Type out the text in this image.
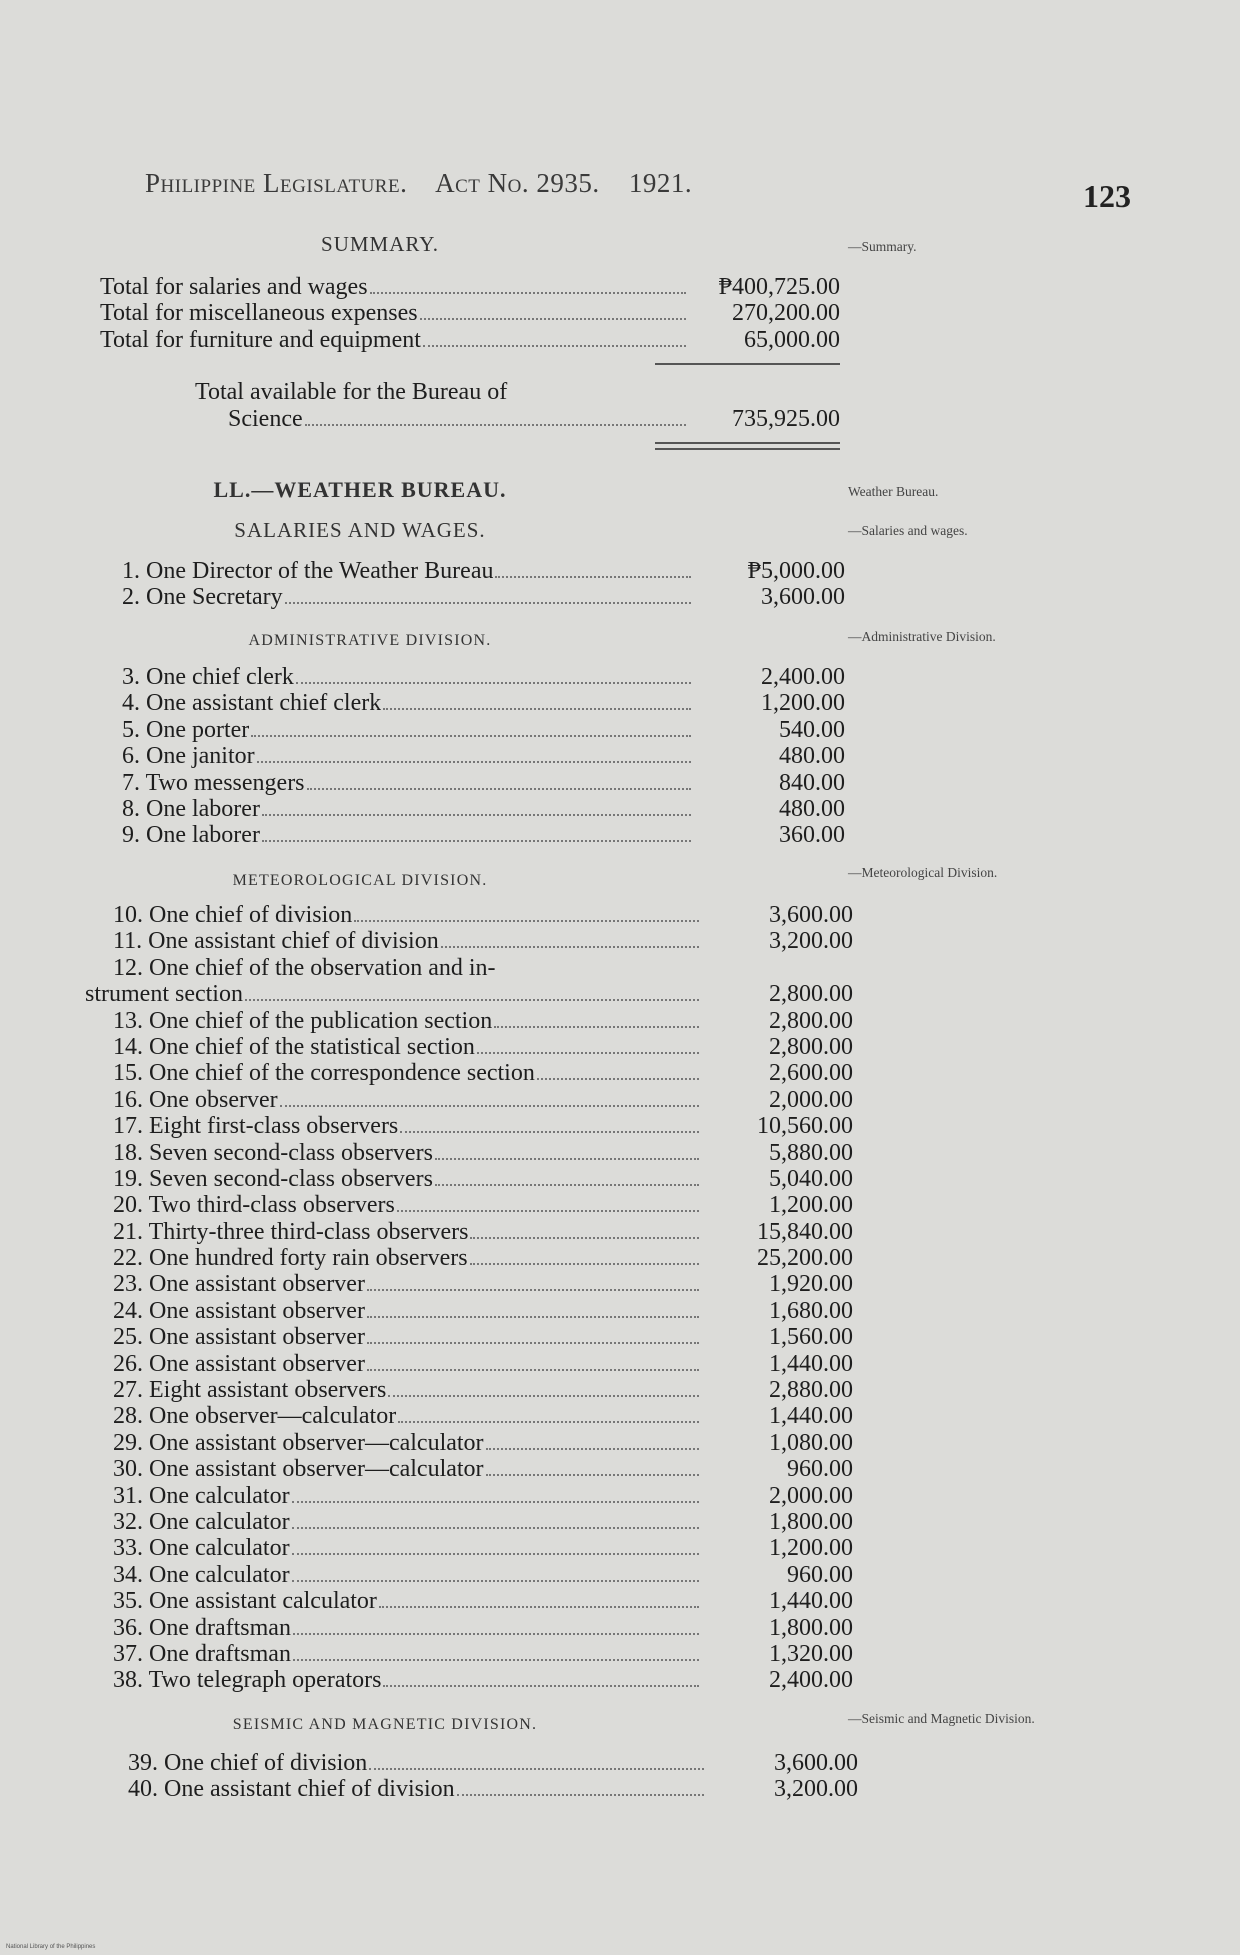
Philippine Legislature. Act No. 2935. 1921.	123
SUMMARY.	—Summary.
Total for salaries and wages	₱400,725.00
Total for miscellaneous expenses	270,200.00
Total for furniture and equipment	65,000.00
Total available for the Bureau of
Science	735,925.00
LL.—WEATHER BUREAU.	Weather Bureau.
SALARIES AND WAGES.	—Salaries and wages.
1. One Director of the Weather Bureau	₱5,000.00
2. One Secretary	3,600.00
ADMINISTRATIVE DIVISION.	—Administrative Division.
3. One chief clerk	2,400.00
4. One assistant chief clerk	1,200.00
5. One porter	540.00
6. One janitor	480.00
7. Two messengers	840.00
8. One laborer	480.00
9. One laborer	360.00
METEOROLOGICAL DIVISION.	—Meteorological Division.
10. One chief of division	3,600.00
11. One assistant chief of division	3,200.00
12. One chief of the observation and in-
strument section	2,800.00
13. One chief of the publication section	2,800.00
14. One chief of the statistical section	2,800.00
15. One chief of the correspondence section	2,600.00
16. One observer	2,000.00
17. Eight first-class observers	10,560.00
18. Seven second-class observers	5,880.00
19. Seven second-class observers	5,040.00
20. Two third-class observers	1,200.00
21. Thirty-three third-class observers	15,840.00
22. One hundred forty rain observers	25,200.00
23. One assistant observer	1,920.00
24. One assistant observer	1,680.00
25. One assistant observer	1,560.00
26. One assistant observer	1,440.00
27. Eight assistant observers	2,880.00
28. One observer—calculator	1,440.00
29. One assistant observer—calculator	1,080.00
30. One assistant observer—calculator	960.00
31. One calculator	2,000.00
32. One calculator	1,800.00
33. One calculator	1,200.00
34. One calculator	960.00
35. One assistant calculator	1,440.00
36. One draftsman	1,800.00
37. One draftsman	1,320.00
38. Two telegraph operators	2,400.00
SEISMIC AND MAGNETIC DIVISION.	—Seismic and Magnetic Division.
39. One chief of division	3,600.00
40. One assistant chief of division	3,200.00
National Library of the Philippines
